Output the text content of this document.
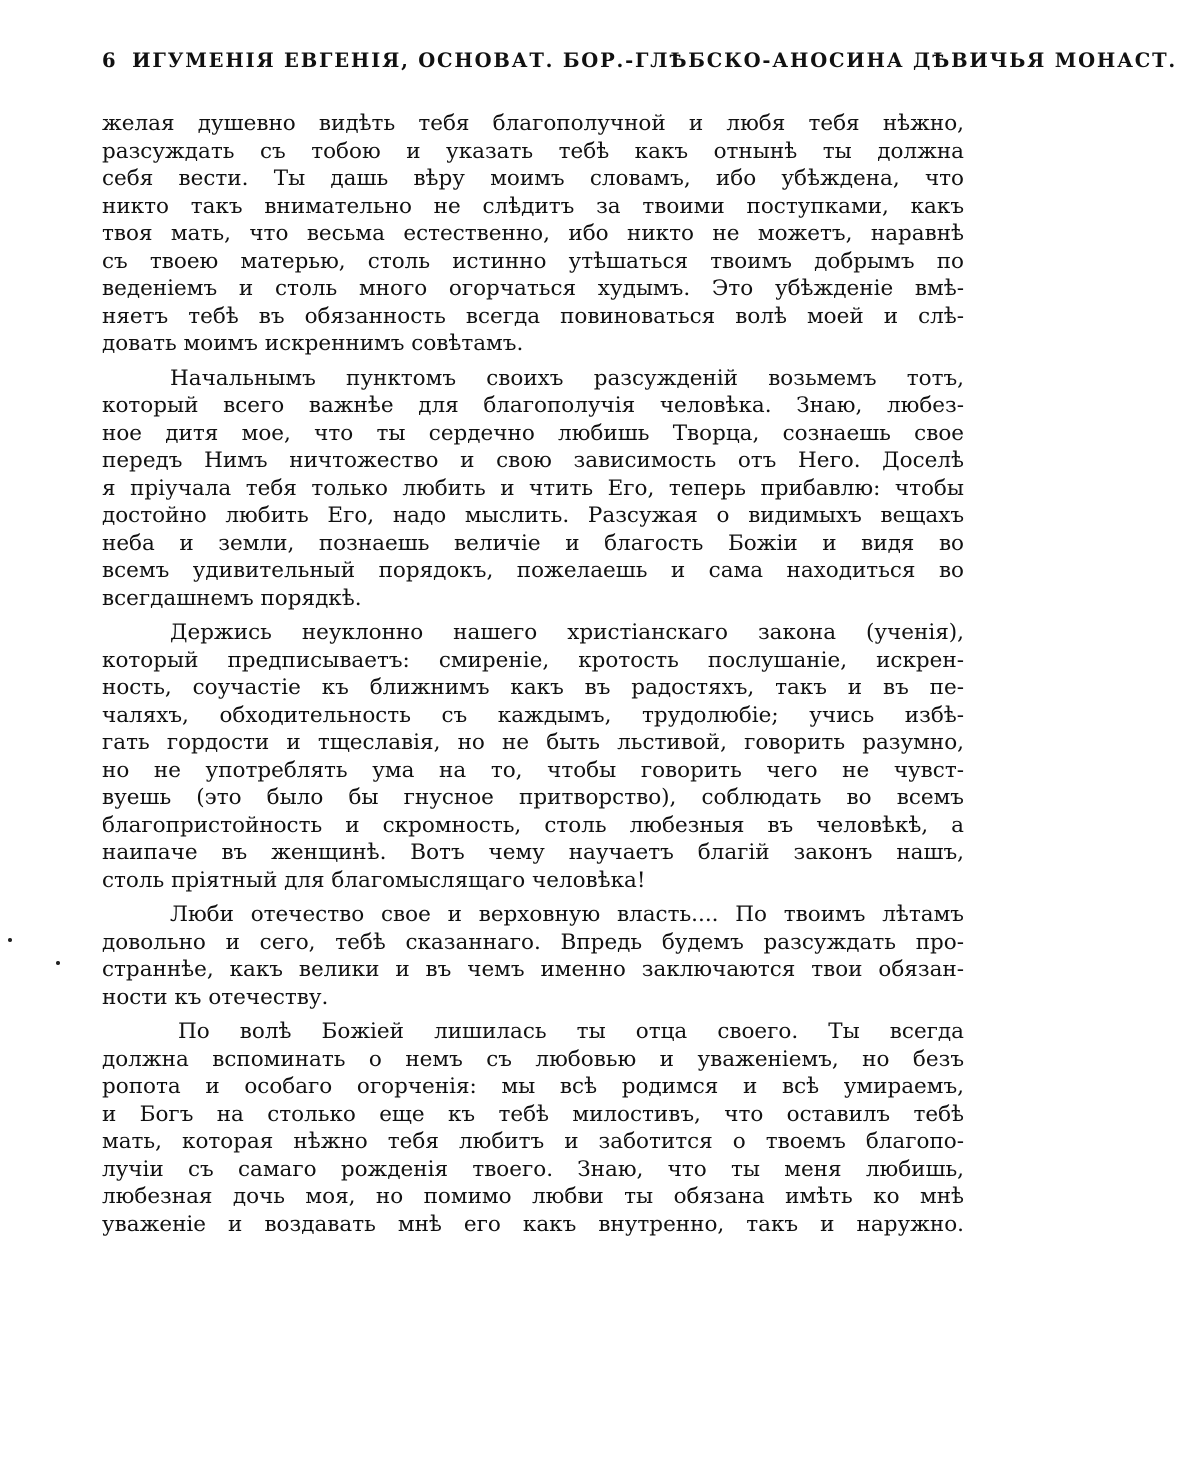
6 ИГУМЕНІЯ ЕВГЕНІЯ, ОСНОВАТ. БОР.-ГЛѢБСКО-АНОСИНА ДѢВИЧЬЯ МОНАСТ.
желая душевно видѣть тебя благополучной и любя тебя нѣжно,
разсуждать съ тобою и указать тебѣ какъ отнынѣ ты должна
себя вести. Ты дашь вѣру моимъ словамъ, ибо убѣждена, что
никто такъ внимательно не слѣдитъ за твоими поступками, какъ
твоя мать, что весьма естественно, ибо никто не можетъ, наравнѣ
съ твоею матерью, столь истинно утѣшаться твоимъ добрымъ по
веденіемъ и столь много огорчаться худымъ. Это убѣжденіе вмѣ-
няетъ тебѣ въ обязанность всегда повиноваться волѣ моей и слѣ-
довать моимъ искреннимъ совѣтамъ.
Начальнымъ пунктомъ своихъ разсужденій возьмемъ тотъ,
который всего важнѣе для благополучія человѣка. Знаю, любез-
ное дитя мое, что ты сердечно любишь Творца, сознаешь свое
передъ Нимъ ничтожество и свою зависимость отъ Него. Доселѣ
я пріучала тебя только любить и чтить Его, теперь прибавлю: чтобы
достойно любить Его, надо мыслить. Разсужая о видимыхъ вещахъ
неба и земли, познаешь величіе и благость Божіи и видя во
всемъ удивительный порядокъ, пожелаешь и сама находиться во
всегдашнемъ порядкѣ.
Держись неуклонно нашего христіанскаго закона (ученія),
который предписываетъ: смиреніе, кротость послушаніе, искрен-
ность, соучастіе къ ближнимъ какъ въ радостяхъ, такъ и въ пе-
чаляхъ, обходительность съ каждымъ, трудолюбіе; учись избѣ-
гать гордости и тщеславія, но не быть льстивой, говорить разумно,
но не употреблять ума на то, чтобы говорить чего не чувст-
вуешь (это было бы гнусное притворство), соблюдать во всемъ
благопристойность и скромность, столь любезныя въ человѣкѣ, а
наипаче въ женщинѣ. Вотъ чему научаетъ благій законъ нашъ,
столь пріятный для благомыслящаго человѣка!
Люби отечество свое и верховную власть.... По твоимъ лѣтамъ
довольно и сего, тебѣ сказаннаго. Впредь будемъ разсуждать про-
страннѣе, какъ велики и въ чемъ именно заключаются твои обязан-
ности къ отечеству.
По волѣ Божіей лишилась ты отца своего. Ты всегда
должна вспоминать о немъ съ любовью и уваженіемъ, но безъ
ропота и особаго огорченія: мы всѣ родимся и всѣ умираемъ,
и Богъ на столько еще къ тебѣ милостивъ, что оставилъ тебѣ
мать, которая нѣжно тебя любитъ и заботится о твоемъ благопо-
лучіи съ самаго рожденія твоего. Знаю, что ты меня любишь,
любезная дочь моя, но помимо любви ты обязана имѣть ко мнѣ
уваженіе и воздавать мнѣ его какъ внутренно, такъ и наружно.
